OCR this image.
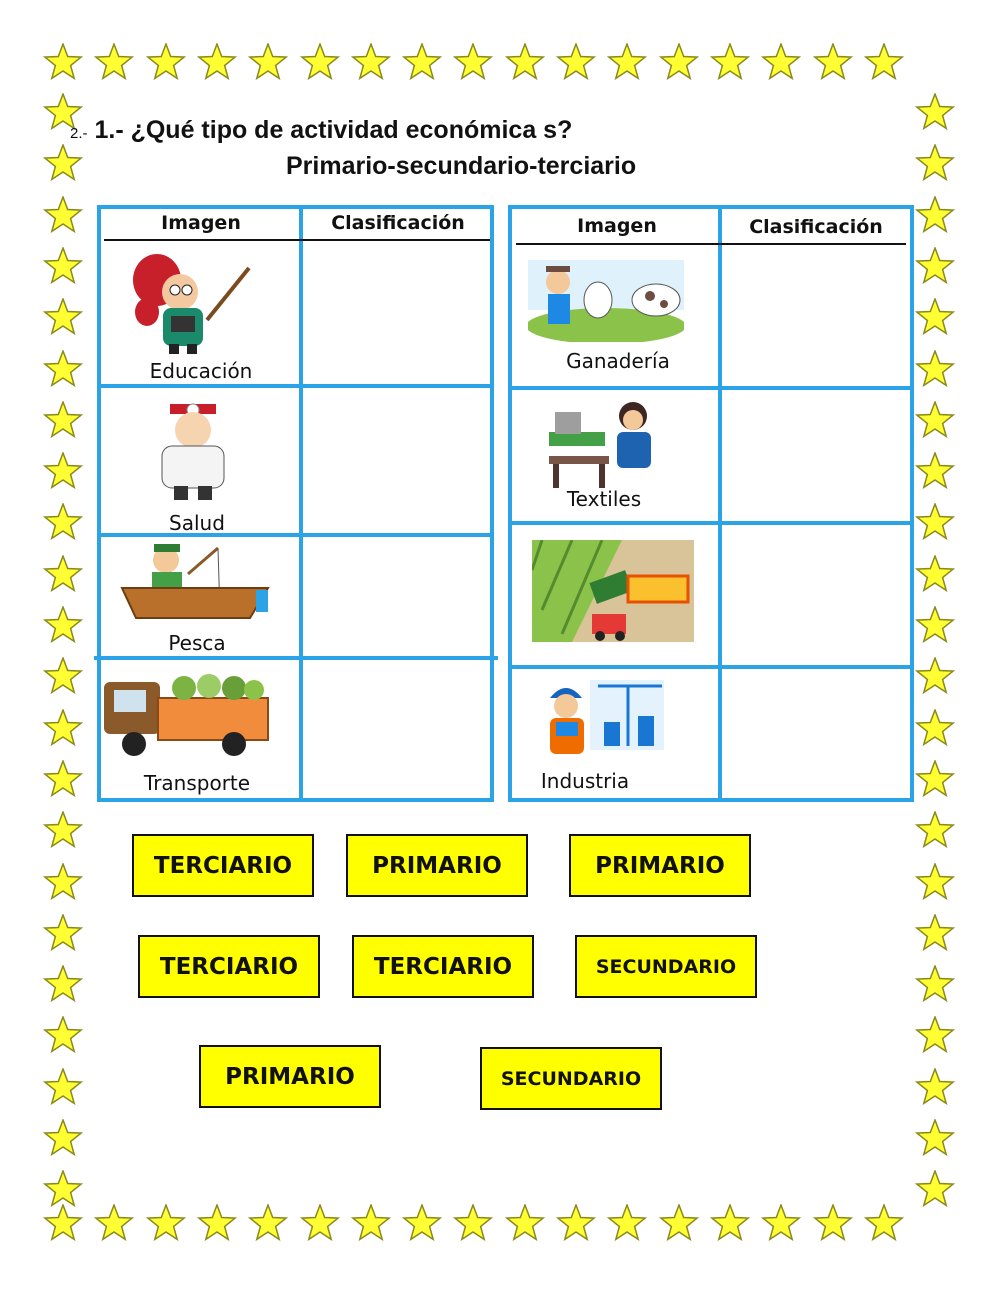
2.- 1.- ¿Qué tipo de actividad económica s?
Primario-secundario-terciario
Imagen	Clasificación
Educación
Salud
Pesca
Transporte
Imagen	Clasificación
Ganadería
Textiles
Industria
TERCIARIO	PRIMARIO	PRIMARIO
TERCIARIO	TERCIARIO	SECUNDARIO
PRIMARIO	SECUNDARIO
